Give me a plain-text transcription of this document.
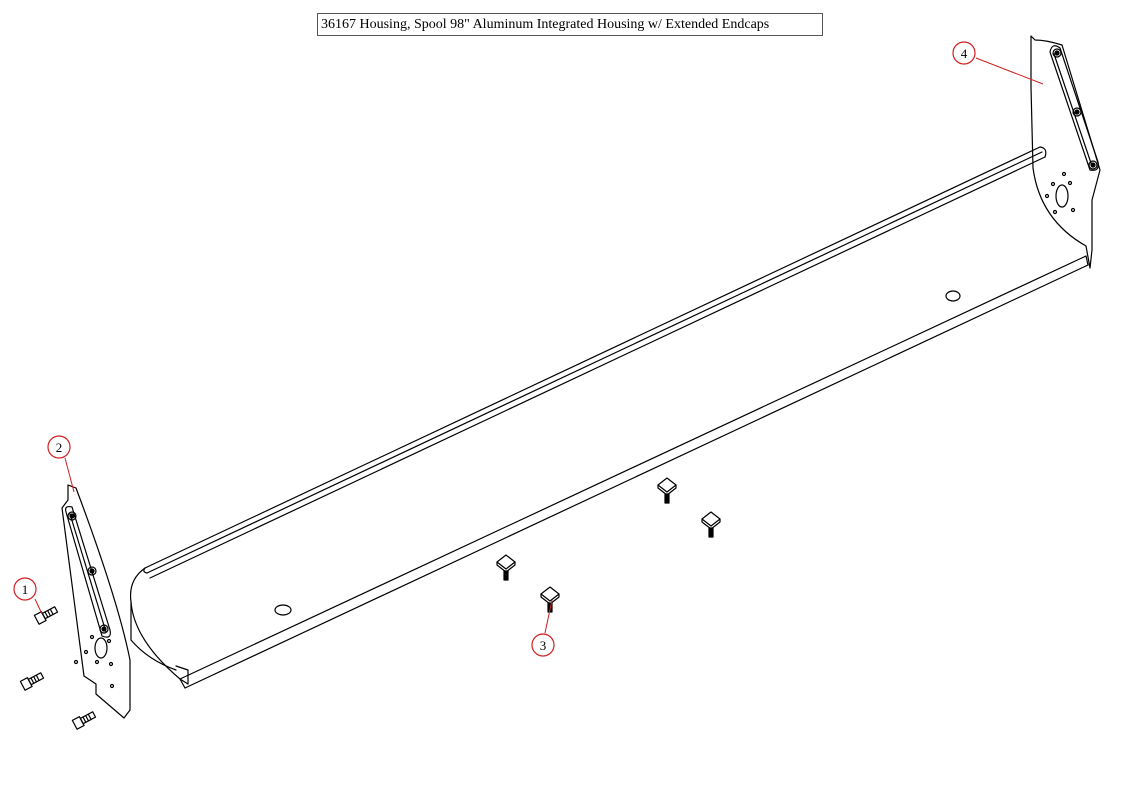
36167 Housing, Spool 98" Aluminum Integrated Housing w/ Extended Endcaps
1
2
3
4
